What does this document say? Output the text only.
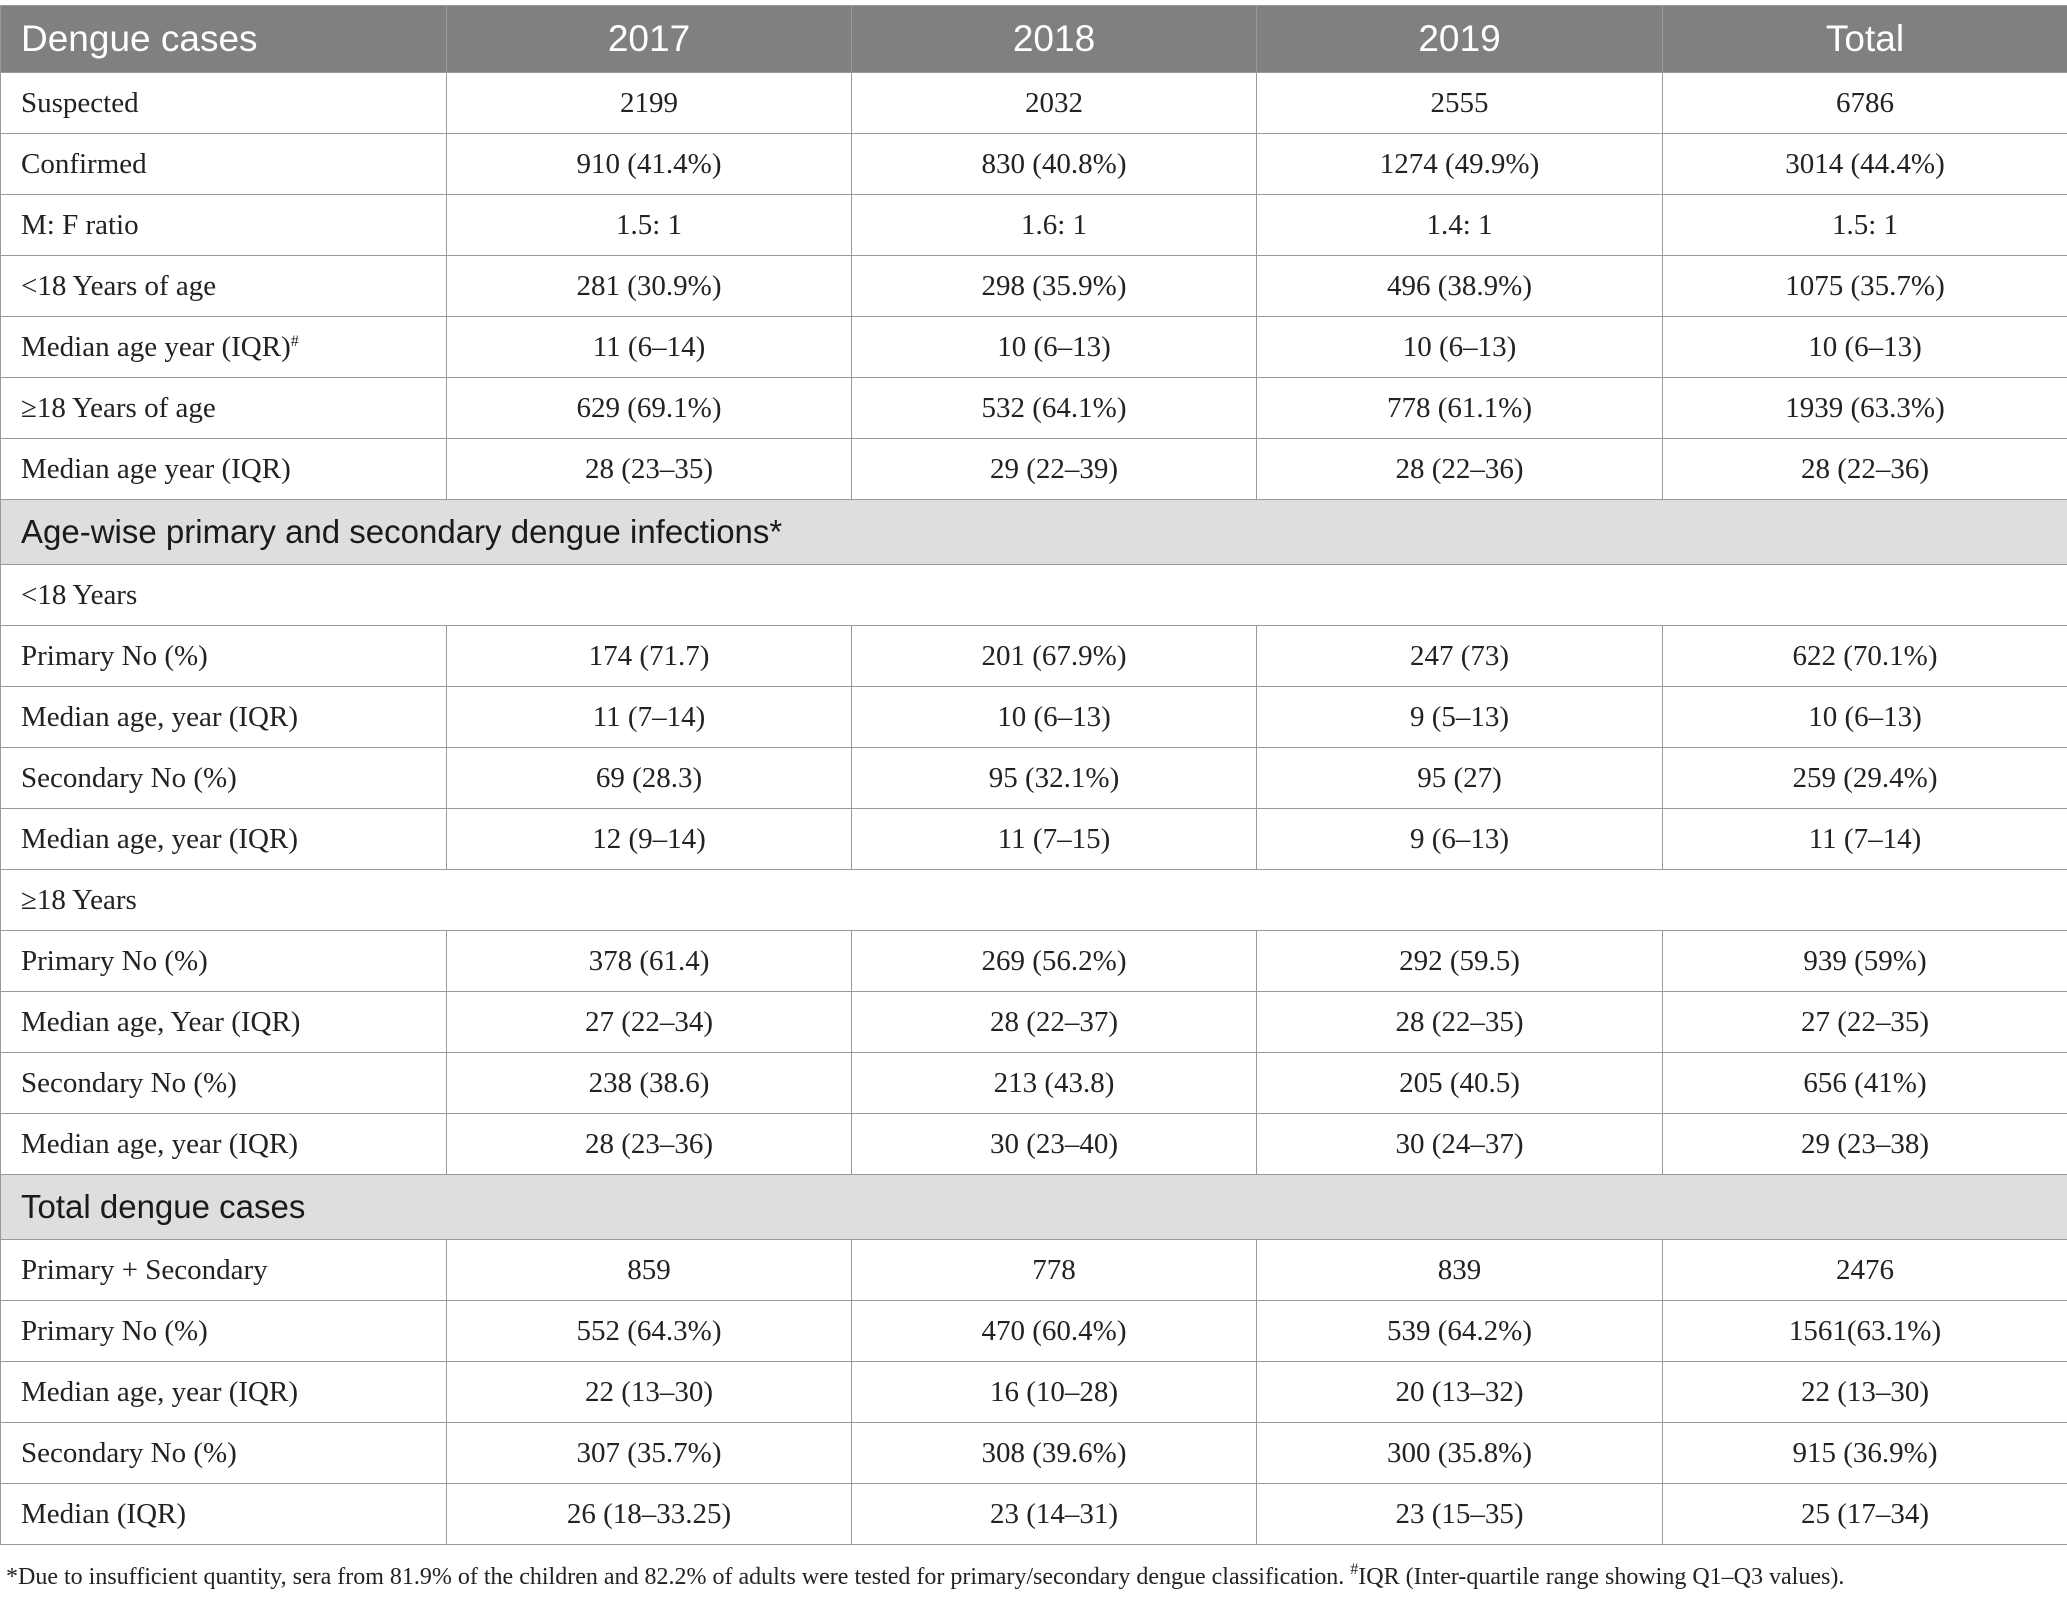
Dengue cases	2017	2018	2019	Total
Suspected	2199	2032	2555	6786
Confirmed	910 (41.4%)	830 (40.8%)	1274 (49.9%)	3014 (44.4%)
M: F ratio	1.5: 1	1.6: 1	1.4: 1	1.5: 1
<18 Years of age	281 (30.9%)	298 (35.9%)	496 (38.9%)	1075 (35.7%)
Median age year (IQR)#	11 (6–14)	10 (6–13)	10 (6–13)	10 (6–13)
≥18 Years of age	629 (69.1%)	532 (64.1%)	778 (61.1%)	1939 (63.3%)
Median age year (IQR)	28 (23–35)	29 (22–39)	28 (22–36)	28 (22–36)
Age-wise primary and secondary dengue infections*				
<18 Years				
Primary No (%)	174 (71.7)	201 (67.9%)	247 (73)	622 (70.1%)
Median age, year (IQR)	11 (7–14)	10 (6–13)	9 (5–13)	10 (6–13)
Secondary No (%)	69 (28.3)	95 (32.1%)	95 (27)	259 (29.4%)
Median age, year (IQR)	12 (9–14)	11 (7–15)	9 (6–13)	11 (7–14)
≥18 Years				
Primary No (%)	378 (61.4)	269 (56.2%)	292 (59.5)	939 (59%)
Median age, Year (IQR)	27 (22–34)	28 (22–37)	28 (22–35)	27 (22–35)
Secondary No (%)	238 (38.6)	213 (43.8)	205 (40.5)	656 (41%)
Median age, year (IQR)	28 (23–36)	30 (23–40)	30 (24–37)	29 (23–38)
Total dengue cases				
Primary + Secondary	859	778	839	2476
Primary No (%)	552 (64.3%)	470 (60.4%)	539 (64.2%)	1561(63.1%)
Median age, year (IQR)	22 (13–30)	16 (10–28)	20 (13–32)	22 (13–30)
Secondary No (%)	307 (35.7%)	308 (39.6%)	300 (35.8%)	915 (36.9%)
Median (IQR)	26 (18–33.25)	23 (14–31)	23 (15–35)	25 (17–34)
*Due to insufficient quantity, sera from 81.9% of the children and 82.2% of adults were tested for primary/secondary dengue classification. #IQR (Inter-quartile range showing Q1–Q3 values).
